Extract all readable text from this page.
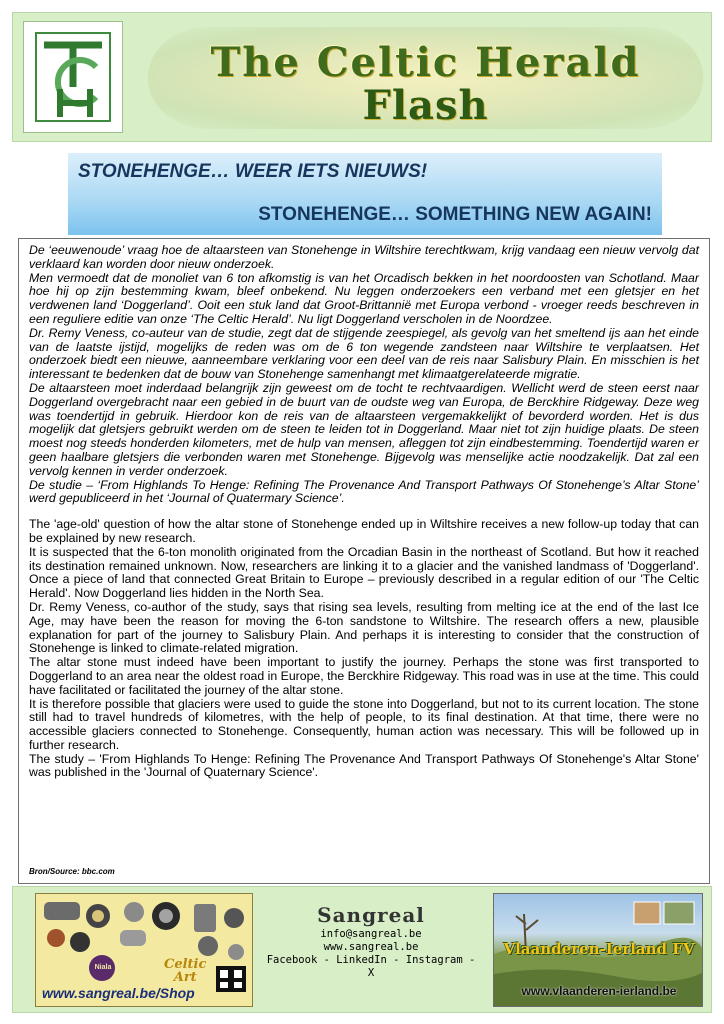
TCH
The Celtic Herald
Flash
STONEHENGE… WEER IETS NIEUWS!
STONEHENGE… SOMETHING NEW AGAIN!

De ‘eeuwenoude’ vraag hoe de altaarsteen van Stonehenge in Wiltshire terechtkwam, krijg vandaag een nieuw vervolg dat verklaard kan worden door nieuw onderzoek.

Men vermoedt dat de monoliet van 6 ton afkomstig is van het Orcadisch bekken in het noordoosten van Schotland. Maar hoe hij op zijn bestemming kwam, bleef onbekend. Nu leggen onderzoekers een verband met een gletsjer en het verdwenen land ‘Doggerland’. Ooit een stuk land dat Groot-Brittannië met Europa verbond - vroeger reeds beschreven in een reguliere editie van onze ‘The Celtic Herald’. Nu ligt Doggerland verscholen in de Noordzee.

Dr. Remy Veness, co-auteur van de studie, zegt dat de stijgende zeespiegel, als gevolg van het smeltend ijs aan het einde van de laatste ijstijd, mogelijks de reden was om de 6 ton wegende zandsteen naar Wiltshire te verplaatsen. Het onderzoek biedt een nieuwe, aanneembare verklaring voor een deel van de reis naar Salisbury Plain. En misschien is het interessant te bedenken dat de bouw van Stonehenge samenhangt met klimaatgerelateerde migratie.

De altaarsteen moet inderdaad belangrijk zijn geweest om de tocht te rechtvaardigen. Wellicht werd de steen eerst naar Doggerland overgebracht naar een gebied in de buurt van de oudste weg van Europa, de Berckhire Ridgeway. Deze weg was toendertijd in gebruik. Hierdoor kon de reis van de altaarsteen vergemakkelijkt of bevorderd worden. Het is dus mogelijk dat gletsjers gebruikt werden om de steen te leiden tot in Doggerland. Maar niet tot zijn huidige plaats. De steen moest nog steeds honderden kilometers, met de hulp van mensen, afleggen tot zijn eindbestemming. Toendertijd waren er geen haalbare gletsjers die verbonden waren met Stonehenge. Bijgevolg was menselijke actie noodzakelijk. Dat zal een vervolg kennen in verder onderzoek.

De studie – ‘From Highlands To Henge: Refining The Provenance And Transport Pathways Of Stonehenge’s Altar Stone’ werd gepubliceerd in het ‘Journal of Quatermary Science’.

The 'age-old' question of how the altar stone of Stonehenge ended up in Wiltshire receives a new follow-up today that can be explained by new research.

It is suspected that the 6-ton monolith originated from the Orcadian Basin in the northeast of Scotland. But how it reached its destination remained unknown. Now, researchers are linking it to a glacier and the vanished landmass of 'Doggerland'. Once a piece of land that connected Great Britain to Europe – previously described in a regular edition of our 'The Celtic Herald'. Now Doggerland lies hidden in the North Sea.

Dr. Remy Veness, co-author of the study, says that rising sea levels, resulting from melting ice at the end of the last Ice Age, may have been the reason for moving the 6-ton sandstone to Wiltshire. The research offers a new, plausible explanation for part of the journey to Salisbury Plain. And perhaps it is interesting to consider that the construction of Stonehenge is linked to climate-related migration.

The altar stone must indeed have been important to justify the journey. Perhaps the stone was first transported to Doggerland to an area near the oldest road in Europe, the Berckhire Ridgeway. This road was in use at the time. This could have facilitated or facilitated the journey of the altar stone.

It is therefore possible that glaciers were used to guide the stone into Doggerland, but not to its current location. The stone still had to travel hundreds of kilometres, with the help of people, to its final destination. At that time, there were no accessible glaciers connected to Stonehenge. Consequently, human action was necessary. This will be followed up in further research.

The study – 'From Highlands To Henge: Refining The Provenance And Transport Pathways Of Stonehenge's Altar Stone' was published in the 'Journal of Quaternary Science'.

Bron/Source: bbc.com
Celtic
Art
Niala
www.sangreal.be/Shop
Sangreal
info@sangreal.be
www.sangreal.be
Facebook - LinkedIn - Instagram - X
Vlaanderen-Ierland FV
www.vlaanderen-ierland.be
